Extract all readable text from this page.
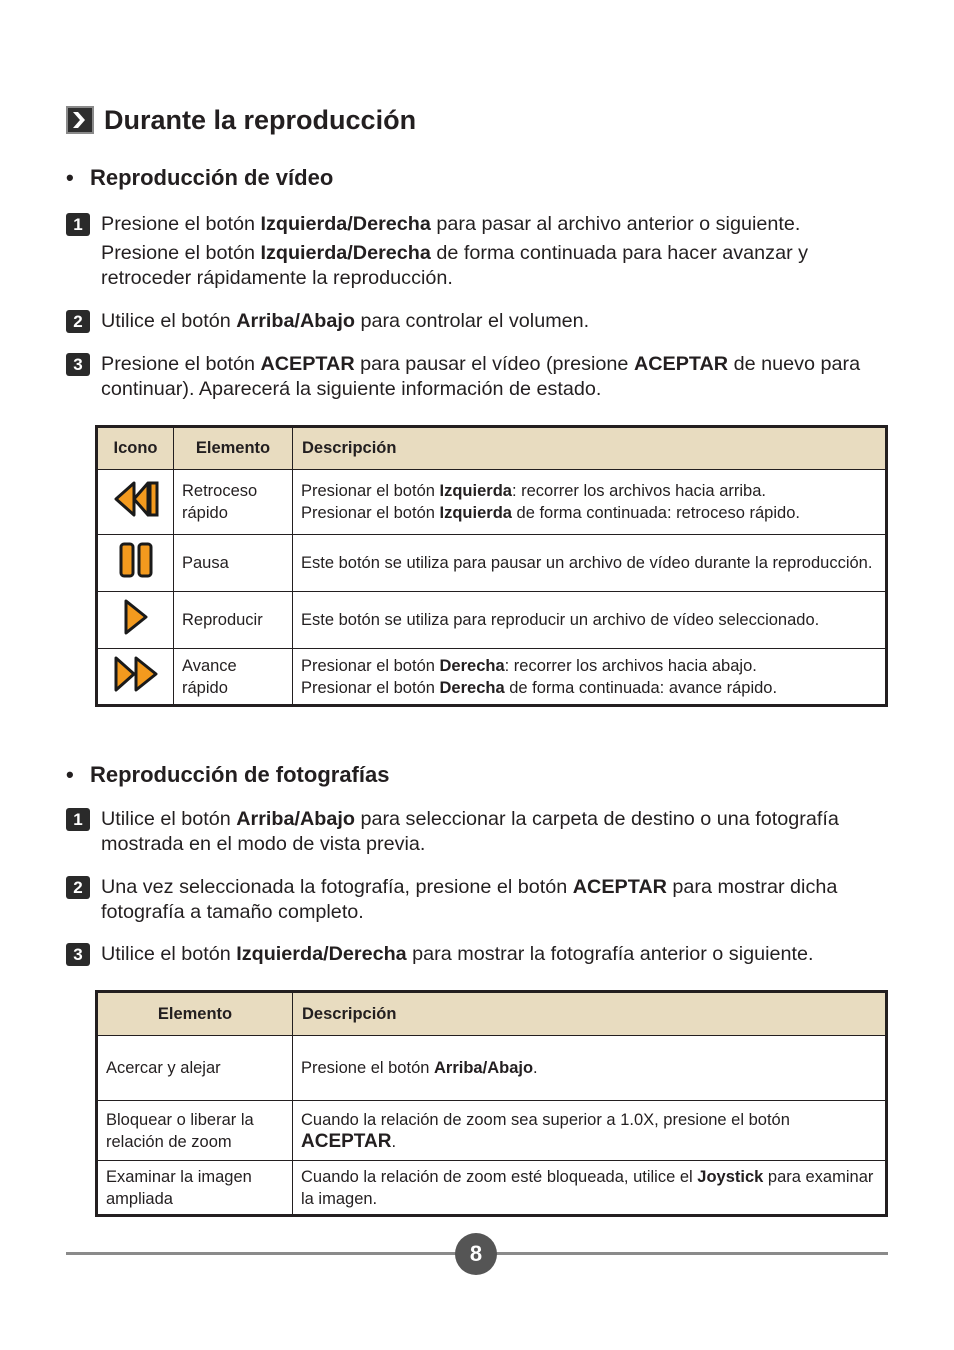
Durante la reproducción
• Reproducción de vídeo
1 Presione el botón Izquierda/Derecha para pasar al archivo anterior o siguiente.

Presione el botón Izquierda/Derecha de forma continuada para hacer avanzar y retroceder rápidamente la reproducción.

2 Utilice el botón Arriba/Abajo para controlar el volumen.
3 Presione el botón ACEPTAR para pausar el vídeo (presione ACEPTAR de nuevo para continuar). Aparecerá la siguiente información de estado.
Icono	Elemento	Descripción
	Retroceso rápido	Presionar el botón Izquierda: recorrer los archivos hacia arriba.
Presionar el botón Izquierda de forma continuada: retroceso rápido.

	Pausa	Este botón se utiliza para pausar un archivo de vídeo durante la reproducción.
	Reproducir	Este botón se utiliza para reproducir un archivo de vídeo seleccionado.
	Avance rápido	Presionar el botón Derecha: recorrer los archivos hacia abajo.
Presionar el botón Derecha de forma continuada: avance rápido.
• Reproducción de fotografías
1 Utilice el botón Arriba/Abajo para seleccionar la carpeta de destino o una fotografía mostrada en el modo de vista previa.
2 Una vez seleccionada la fotografía, presione el botón ACEPTAR para mostrar dicha fotografía a tamaño completo.
3 Utilice el botón Izquierda/Derecha para mostrar la fotografía anterior o siguiente.
Elemento	Descripción
Acercar y alejar	Presione el botón Arriba/Abajo.
Bloquear o liberar la relación de zoom	Cuando la relación de zoom sea superior a 1.0X, presione el botón ACEPTAR.
Examinar la imagen ampliada	Cuando la relación de zoom esté bloqueada, utilice el Joystick para examinar la imagen.
8
